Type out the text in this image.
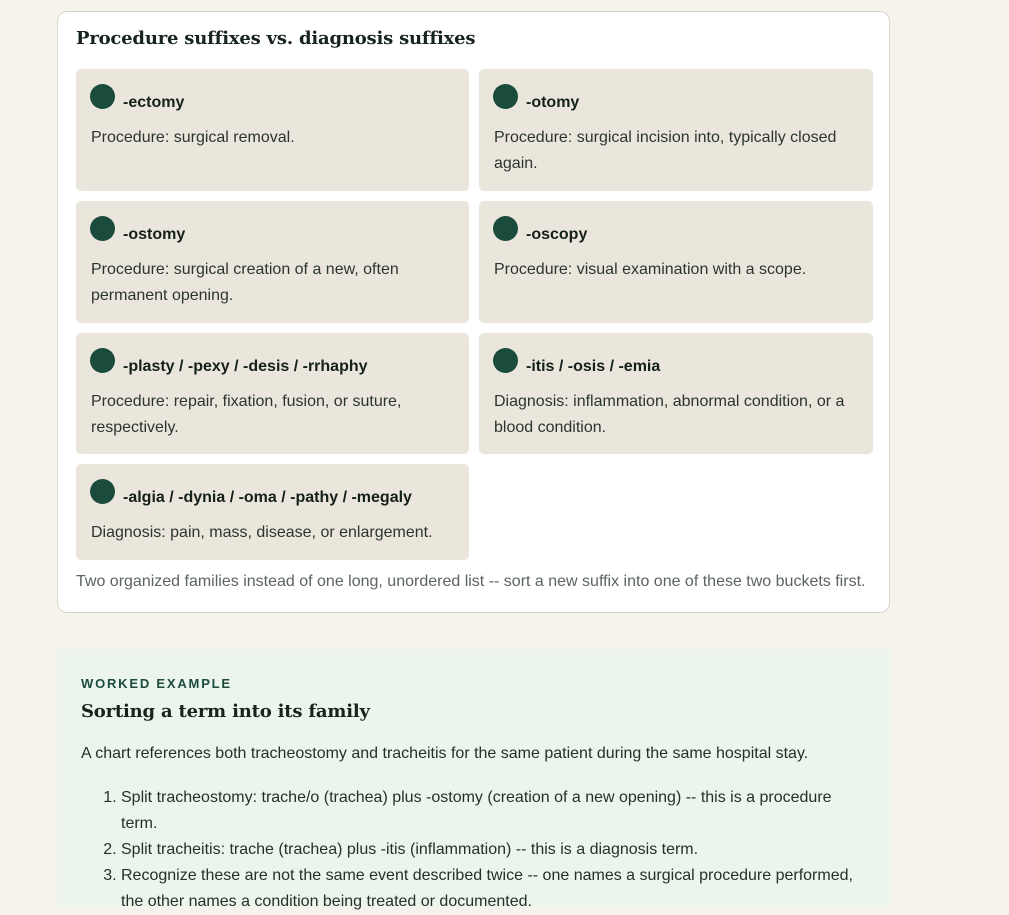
Procedure suffixes vs. diagnosis suffixes
-ectomy
Procedure: surgical removal.
-otomy
Procedure: surgical incision into, typically closed again.
-ostomy
Procedure: surgical creation of a new, often permanent opening.
-oscopy
Procedure: visual examination with a scope.
-plasty / -pexy / -desis / -rrhaphy
Procedure: repair, fixation, fusion, or suture, respectively.
-itis / -osis / -emia
Diagnosis: inflammation, abnormal condition, or a blood condition.
-algia / -dynia / -oma / -pathy / -megaly
Diagnosis: pain, mass, disease, or enlargement.
Two organized families instead of one long, unordered list -- sort a new suffix into one of these two buckets first.
WORKED EXAMPLE
Sorting a term into its family
A chart references both tracheostomy and tracheitis for the same patient during the same hospital stay.
1. Split tracheostomy: trache/o (trachea) plus -ostomy (creation of a new opening) -- this is a procedure term.
2. Split tracheitis: trache (trachea) plus -itis (inflammation) -- this is a diagnosis term.
3. Recognize these are not the same event described twice -- one names a surgical procedure performed, the other names a condition being treated or documented.
